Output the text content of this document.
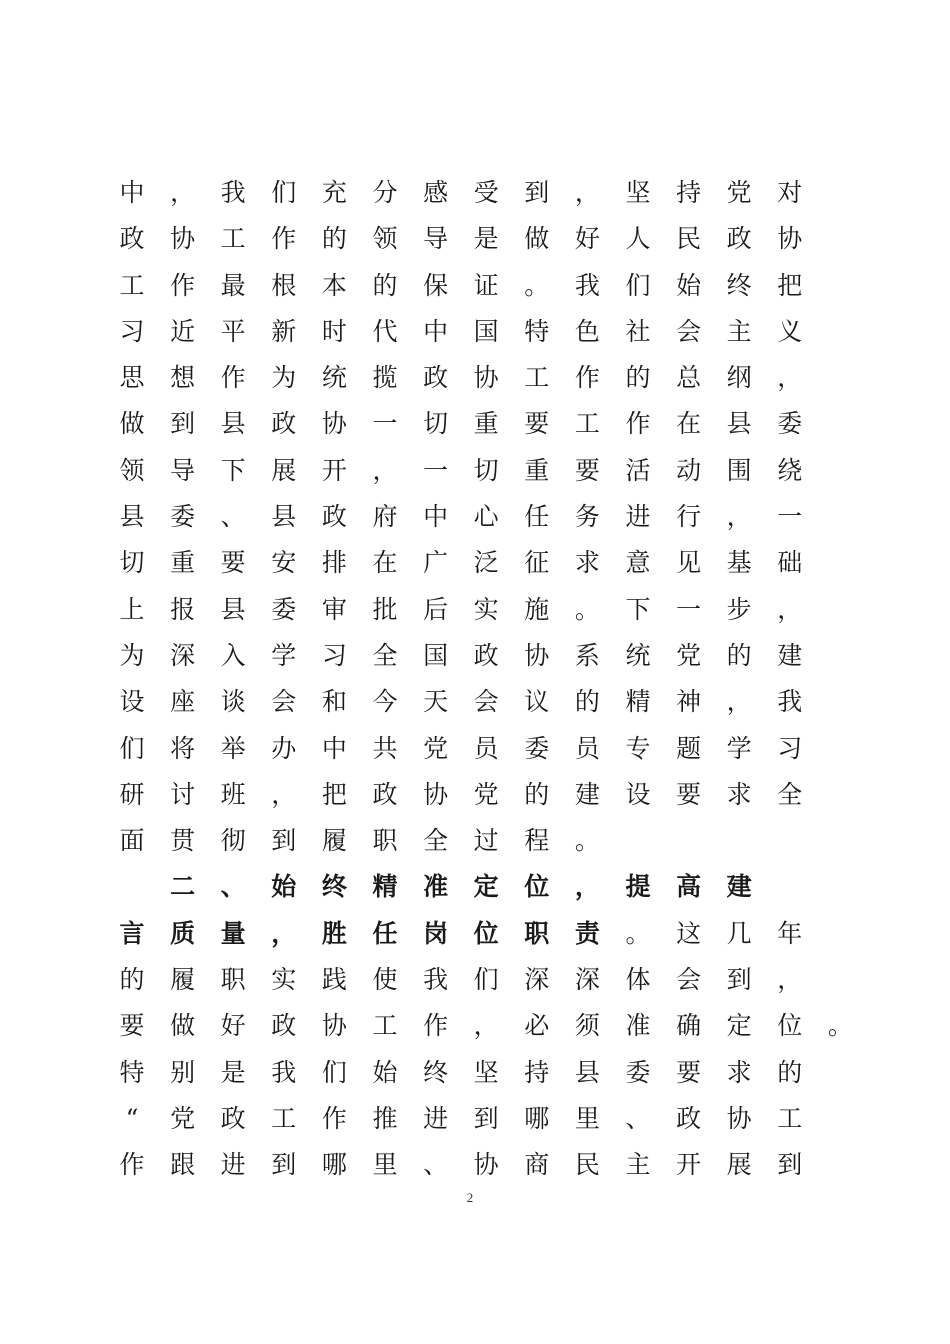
中 ， 我 们 充 分 感 受 到 ， 坚 持 党 对
政 协 工 作 的 领 导 是 做 好 人 民 政 协
工 作 最 根 本 的 保 证 。 我 们 始 终 把
习 近 平 新 时 代 中 国 特 色 社 会 主 义
思 想 作 为 统 揽 政 协 工 作 的 总 纲 ，
做 到 县 政 协 一 切 重 要 工 作 在 县 委
领 导 下 展 开 ， 一 切 重 要 活 动 围 绕
县 委 、 县 政 府 中 心 任 务 进 行 ， 一
切 重 要 安 排 在 广 泛 征 求 意 见 基 础
上 报 县 委 审 批 后 实 施 。 下 一 步 ，
为 深 入 学 习 全 国 政 协 系 统 党 的 建
设 座 谈 会 和 今 天 会 议 的 精 神 ， 我
们 将 举 办 中 共 党 员 委 员 专 题 学 习
研 讨 班 ， 把 政 协 党 的 建 设 要 求 全
面 贯 彻 到 履 职 全 过 程 。
二 、 始 终 精 准 定 位 ， 提 高 建
言 质 量 ， 胜 任 岗 位 职 责 。 这 几 年
的 履 职 实 践 使 我 们 深 深 体 会 到 ，
要 做 好 政 协 工 作 ， 必 须 准 确 定 位 。
特 别 是 我 们 始 终 坚 持 县 委 要 求 的
“ 党 政 工 作 推 进 到 哪 里 、 政 协 工
作 跟 进 到 哪 里 、 协 商 民 主 开 展 到
2
